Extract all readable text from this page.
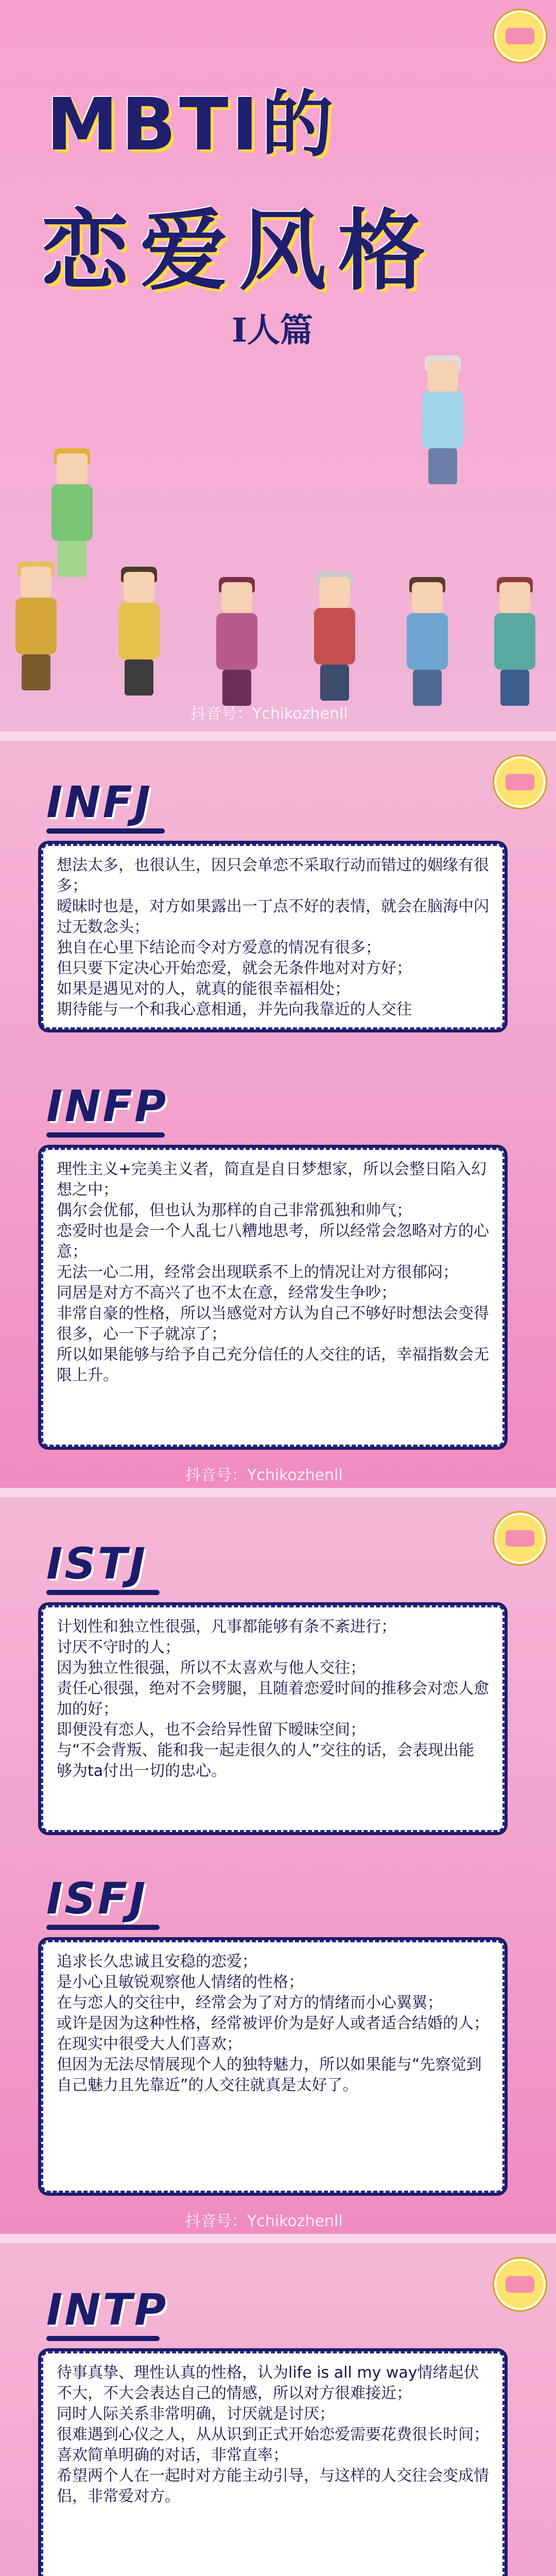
MBTI的
恋爱风格
I人篇
抖音号：Ychikozhenll
INFJ

想法太多，也很认生，因只会单恋不采取行动而错过的姻缘有很多；

暧昧时也是，对方如果露出一丁点不好的表情，就会在脑海中闪过无数念头；

独自在心里下结论而令对方爱意的情况有很多；

但只要下定决心开始恋爱，就会无条件地对对方好；

如果是遇见对的人，就真的能很幸福相处；

期待能与一个和我心意相通，并先向我靠近的人交往

INFP

理性主义+完美主义者，简直是自日梦想家，所以会整日陷入幻想之中；

偶尔会优郁，但也认为那样的自己非常孤独和帅气；

恋爱时也是会一个人乱七八糟地思考，所以经常会忽略对方的心意；

无法一心二用，经常会出现联系不上的情况让对方很郁闷；

同居是对方不高兴了也不太在意，经常发生争吵；

非常自豪的性格，所以当感觉对方认为自己不够好时想法会变得很多，心一下子就凉了；

所以如果能够与给予自己充分信任的人交往的话，幸福指数会无限上升。

抖音号：Ychikozhenll
ISTJ

计划性和独立性很强，凡事都能够有条不紊进行；

讨厌不守时的人；

因为独立性很强，所以不太喜欢与他人交往；

责任心很强，绝对不会劈腿，且随着恋爱时间的推移会对恋人愈加的好；

即便没有恋人，也不会给异性留下暧昧空间；

与“不会背叛、能和我一起走很久的人”交往的话，会表现出能够为ta付出一切的忠心。

ISFJ

追求长久忠诚且安稳的恋爱；

是小心且敏锐观察他人情绪的性格；

在与恋人的交往中，经常会为了对方的情绪而小心翼翼；

或许是因为这种性格，经常被评价为是好人或者适合结婚的人；

在现实中很受大人们喜欢；

但因为无法尽情展现个人的独特魅力，所以如果能与“先察觉到自己魅力且先靠近”的人交往就真是太好了。

抖音号：Ychikozhenll
INTP

待事真挚、理性认真的性格，认为life is all my way情绪起伏不大，不大会表达自己的情感，所以对方很难接近；

同时人际关系非常明确，讨厌就是讨厌；

很难遇到心仪之人，从从识到正式开始恋爱需要花费很长时间；

喜欢简单明确的对话，非常直率；

希望两个人在一起时对方能主动引导，与这样的人交往会变成情侣，非常爱对方。
